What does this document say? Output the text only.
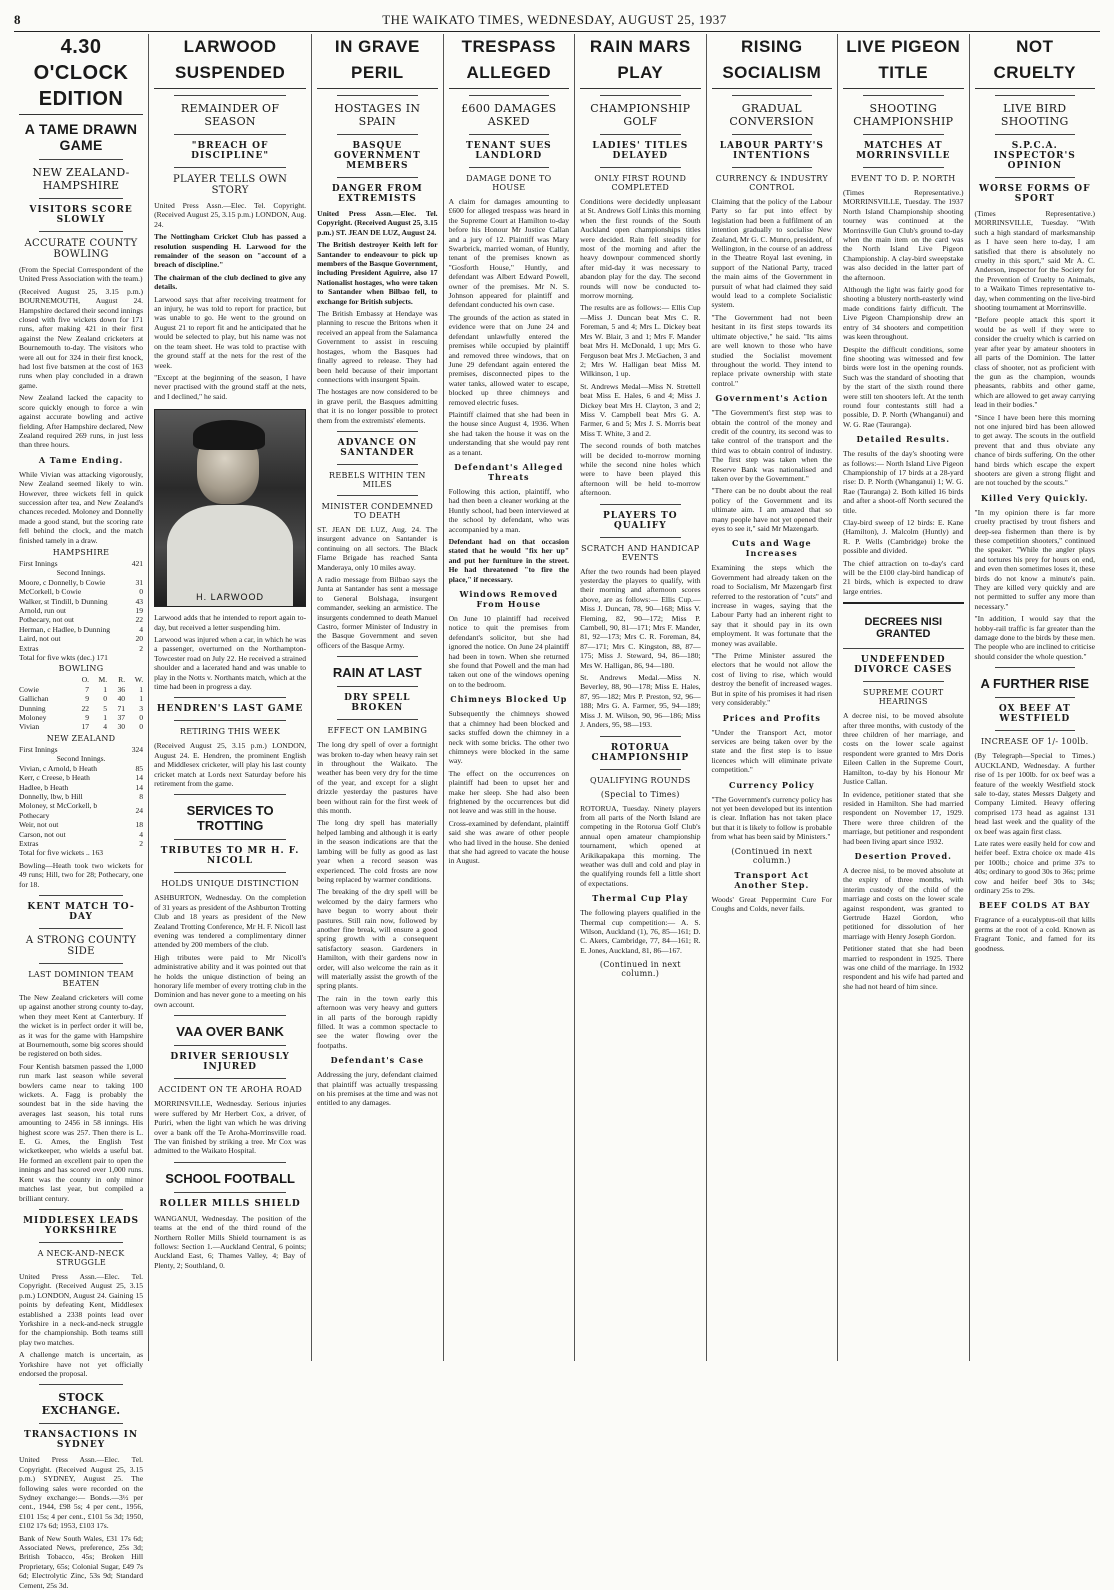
8	THE WAIKATO TIMES, WEDNESDAY, AUGUST 25, 1937
4.30 O'CLOCK EDITION
A TAME DRAWN GAME
NEW ZEALAND-HAMPSHIRE
VISITORS SCORE SLOWLY
ACCURATE COUNTY BOWLING
(From the Special Correspondent of the United Press Association with the team.)
(Received August 25, 3.15 p.m.) BOURNEMOUTH, August 24. Hampshire declared their second innings closed with five wickets down for 171 runs, after making 421 in their first against the New Zealand cricketers at Bournemouth to-day. The visitors who were all out for 324 in their first knock, had lost five batsmen at the cost of 163 runs when play concluded in a drawn game.
New Zealand lacked the capacity to score quickly enough to force a win against accurate bowling and active fielding. After Hampshire declared, New Zealand required 269 runs, in just less than three hours.
A Tame Ending.
While Vivian was attacking vigorously, New Zealand seemed likely to win. However, three wickets fell in quick succession after tea, and New Zealand's chances receded. Moloney and Donnelly made a good stand, but the scoring rate fell behind the clock, and the match finished tamely in a draw.
HAMPSHIRE
First Innings	421
Second Innings.	
Moore, c Donnelly, b Cowie	31
McCorkell, b Cowie	0
Walker, st Tindill, b Dunning	43
Arnold, run out	19
Pothecary, not out	22
Herman, c Hadlee, b Dunning	4
Laird, not out	20
Extras	2
Total for five wkts (dec.) 171	
BOWLING
	O.	M.	R.	W.
Cowie	7	1	36	1
Gallichan	9	0	40	1
Dunning	22	5	71	3
Moloney	9	1	37	0
Vivian	17	4	30	0
NEW ZEALAND
First Innings	324
Second Innings.	
Vivian, c Arnold, b Heath	85
Kerr, c Creese, b Heath	14
Hadlee, b Heath	14
Donnelly, lbw, b Hill	8
Moloney, st McCorkell, b Pothecary	24
Weir, not out	18
Carson, not out	4
Extras	2
Total for five wickets .. 163	
Bowling—Heath took two wickets for 49 runs; Hill, two for 28; Pothecary, one for 18.
KENT MATCH TO-DAY
A STRONG COUNTY SIDE
LAST DOMINION TEAM BEATEN
The New Zealand cricketers will come up against another strong county to-day, when they meet Kent at Canterbury. If the wicket is in perfect order it will be, as it was for the game with Hampshire at Bournemouth, some big scores should be registered on both sides.
Four Kentish batsmen passed the 1,000 run mark last season while several bowlers came near to taking 100 wickets. A. Fagg is probably the soundest bat in the side having the averages last season, his total runs amounting to 2456 in 58 innings. His highest score was 257. Then there is L. E. G. Ames, the English Test wicketkeeper, who wields a useful bat. He formed an excellent pair to open the innings and has scored over 1,000 runs. Kent was the county in only minor matches last year, but compiled a brilliant century.
MIDDLESEX LEADS YORKSHIRE
A NECK-AND-NECK STRUGGLE
United Press Assn.—Elec. Tel. Copyright. (Received August 25, 3.15 p.m.) LONDON, August 24. Gaining 15 points by defeating Kent, Middlesex established a 2338 points lead over Yorkshire in a neck-and-neck struggle for the championship. Both teams still play two matches.
A challenge match is uncertain, as Yorkshire have not yet officially endorsed the proposal.
STOCK EXCHANGE.
TRANSACTIONS IN SYDNEY
United Press Assn.—Elec. Tel. Copyright. (Received August 25, 3.15 p.m.) SYDNEY, August 25. The following sales were recorded on the Sydney exchange:— Bonds.—3½ per cent., 1944, £98 5s; 4 per cent., 1956, £101 15s; 4 per cent., £101 5s 3d; 1950, £102 17s 6d; 1953, £103 17s.
Bank of New South Wales, £31 17s 6d; Associated News, preference, 25s 3d; British Tobacco, 45s; Broken Hill Proprietary, 65s; Colonial Sugar, £49 7s 6d; Electrolytic Zinc, 53s 9d; Standard Cement, 25s 3d.
LARWOOD SUSPENDED
REMAINDER OF SEASON
"BREACH OF DISCIPLINE"
PLAYER TELLS OWN STORY
United Press Assn.—Elec. Tel. Copyright. (Received August 25, 3.15 p.m.) LONDON, Aug. 24.
The Nottingham Cricket Club has passed a resolution suspending H. Larwood for the remainder of the season on "account of a breach of discipline."
The chairman of the club declined to give any details.
Larwood says that after receiving treatment for an injury, he was told to report for practice, but was unable to go. He went to the ground on August 21 to report fit and he anticipated that he would be selected to play, but his name was not on the team sheet. He was told to practise with the ground staff at the nets for the rest of the week.
"Except at the beginning of the season, I have never practised with the ground staff at the nets, and I declined," he said.
H. LARWOOD
Larwood adds that he intended to report again to-day, but received a letter suspending him.
Larwood was injured when a car, in which he was a passenger, overturned on the Northampton-Towcester road on July 22. He received a strained shoulder and a lacerated hand and was unable to play in the Notts v. Northants match, which at the time had been in progress a day.
HENDREN'S LAST GAME
RETIRING THIS WEEK
(Received August 25, 3.15 p.m.) LONDON, August 24. E. Hendren, the prominent English and Middlesex cricketer, will play his last county cricket match at Lords next Saturday before his retirement from the game.
SERVICES TO TROTTING
TRIBUTES TO MR H. F. NICOLL
HOLDS UNIQUE DISTINCTION
ASHBURTON, Wednesday. On the completion of 31 years as president of the Ashburton Trotting Club and 18 years as president of the New Zealand Trotting Conference, Mr H. F. Nicoll last evening was tendered a complimentary dinner attended by 200 members of the club.
High tributes were paid to Mr Nicoll's administrative ability and it was pointed out that he holds the unique distinction of being an honorary life member of every trotting club in the Dominion and has never gone to a meeting on his own account.
VAA OVER BANK
DRIVER SERIOUSLY INJURED
ACCIDENT ON TE AROHA ROAD
MORRINSVILLE, Wednesday. Serious injuries were suffered by Mr Herbert Cox, a driver, of Puriri, when the light van which he was driving over a bank off the Te Aroha-Morrinsville road. The van finished by striking a tree. Mr Cox was admitted to the Waikato Hospital.
SCHOOL FOOTBALL
ROLLER MILLS SHIELD
WANGANUI, Wednesday. The position of the teams at the end of the third round of the Northern Roller Mills Shield tournament is as follows: Section 1.—Auckland Central, 6 points; Auckland East, 6; Thames Valley, 4; Bay of Plenty, 2; Southland, 0.
IN GRAVE PERIL
HOSTAGES IN SPAIN
BASQUE GOVERNMENT MEMBERS
DANGER FROM EXTREMISTS
United Press Assn.—Elec. Tel. Copyright. (Received August 25, 3.15 p.m.) ST. JEAN DE LUZ, August 24.
The British destroyer Keith left for Santander to endeavour to pick up members of the Basque Government, including President Aguirre, also 17 Nationalist hostages, who were taken to Santander when Bilbao fell, to exchange for British subjects.
The British Embassy at Hendaye was planning to rescue the Britons when it received an appeal from the Salamanca Government to assist in rescuing hostages, whom the Basques had finally agreed to release. They had been held because of their important connections with insurgent Spain.
The hostages are now considered to be in grave peril, the Basques admitting that it is no longer possible to protect them from the extremists' elements.
ADVANCE ON SANTANDER
REBELS WITHIN TEN MILES
MINISTER CONDEMNED TO DEATH
ST. JEAN DE LUZ, Aug. 24. The insurgent advance on Santander is continuing on all sectors. The Black Flame Brigade has reached Santa Manderaya, only 10 miles away.
A radio message from Bilbao says the Junta at Santander has sent a message to General Bolshaga, insurgent commander, seeking an armistice. The insurgents condemned to death Manuel Castro, former Minister of Industry in the Basque Government and seven officers of the Basque Army.
RAIN AT LAST
DRY SPELL BROKEN
EFFECT ON LAMBING
The long dry spell of over a fortnight was broken to-day when heavy rain set in throughout the Waikato. The weather has been very dry for the time of the year, and except for a slight drizzle yesterday the pastures have been without rain for the first week of this month.
The long dry spell has materially helped lambing and although it is early in the season indications are that the lambing will be fully as good as last year when a record season was experienced. The cold frosts are now being replaced by warmer conditions.
The breaking of the dry spell will be welcomed by the dairy farmers who have begun to worry about their pastures. Still rain now, followed by another fine break, will ensure a good spring growth with a consequent satisfactory season. Gardeners in Hamilton, with their gardens now in order, will also welcome the rain as it will materially assist the growth of the spring plants.
The rain in the town early this afternoon was very heavy and gutters in all parts of the borough rapidly filled. It was a common spectacle to see the water flowing over the footpaths.
Defendant's Case
Addressing the jury, defendant claimed that plaintiff was actually trespassing on his premises at the time and was not entitled to any damages.
TRESPASS ALLEGED
£600 DAMAGES ASKED
TENANT SUES LANDLORD
DAMAGE DONE TO HOUSE
A claim for damages amounting to £600 for alleged trespass was heard in the Supreme Court at Hamilton to-day before his Honour Mr Justice Callan and a jury of 12. Plaintiff was Mary Swarbrick, married woman, of Huntly, tenant of the premises known as "Gosforth House," Huntly, and defendant was Albert Edward Powell, owner of the premises. Mr N. S. Johnson appeared for plaintiff and defendant conducted his own case.
The grounds of the action as stated in evidence were that on June 24 and defendant unlawfully entered the premises while occupied by plaintiff and removed three windows, that on June 29 defendant again entered the premises, disconnected pipes to the water tanks, allowed water to escape, blocked up three chimneys and removed electric fuses.
Plaintiff claimed that she had been in the house since August 4, 1936. When she had taken the house it was on the understanding that she would pay rent as a tenant.
Defendant's Alleged Threats
Following this action, plaintiff, who had then been a cleaner working at the Huntly school, had been interviewed at the school by defendant, who was accompanied by a man.
Defendant had on that occasion stated that he would "fix her up" and put her furniture in the street. He had threatened "to fire the place," if necessary.
Windows Removed From House
On June 10 plaintiff had received notice to quit the premises from defendant's solicitor, but she had ignored the notice. On June 24 plaintiff had been in town. When she returned she found that Powell and the man had taken out one of the windows opening on to the bedroom.
Chimneys Blocked Up
Subsequently the chimneys showed that a chimney had been blocked and sacks stuffed down the chimney in a neck with some bricks. The other two chimneys were blocked in the same way.
The effect on the occurrences on plaintiff had been to upset her and make her sleep. She had also been frightened by the occurrences but did not leave and was still in the house.
Cross-examined by defendant, plaintiff said she was aware of other people who had lived in the house. She denied that she had agreed to vacate the house in August.
RAIN MARS PLAY
CHAMPIONSHIP GOLF
LADIES' TITLES DELAYED
ONLY FIRST ROUND COMPLETED
Conditions were decidedly unpleasant at St. Andrews Golf Links this morning when the first rounds of the South Auckland open championships titles were decided. Rain fell steadily for most of the morning and after the heavy downpour commenced shortly after mid-day it was necessary to abandon play for the day. The second rounds will now be conducted to-morrow morning.
The results are as follows:— Ellis Cup—Miss J. Duncan beat Mrs C. R. Foreman, 5 and 4; Mrs L. Dickey beat Mrs W. Blair, 3 and 1; Mrs F. Mander beat Mrs H. McDonald, 1 up; Mrs G. Ferguson beat Mrs J. McGachen, 3 and 2; Mrs W. Halligan beat Miss M. Wilkinson, 1 up.
St. Andrews Medal—Miss N. Strettell beat Miss E. Hales, 6 and 4; Miss J. Dickey beat Mrs H. Clayton, 3 and 2; Miss V. Campbell beat Mrs G. A. Farmer, 6 and 5; Mrs J. S. Morris beat Miss T. White, 3 and 2.
The second rounds of both matches will be decided to-morrow morning while the second nine holes which were to have been played this afternoon will be held to-morrow afternoon.
PLAYERS TO QUALIFY
SCRATCH AND HANDICAP EVENTS
After the two rounds had been played yesterday the players to qualify, with their morning and afternoon scores above, are as follows:— Ellis Cup.—Miss J. Duncan, 78, 90—168; Miss V. Fleming, 82, 90—172; Miss P. Cambell, 90, 81—171; Mrs F. Mander, 81, 92—173; Mrs C. R. Foreman, 84, 87—171; Mrs C. Kingston, 88, 87—175; Miss J. Steward, 94, 86—180; Mrs W. Halligan, 86, 94—180.
St. Andrews Medal.—Miss N. Beverley, 88, 90—178; Miss E. Hales, 87, 95—182; Mrs P. Preston, 92, 96—188; Mrs G. A. Farmer, 95, 94—189; Miss J. M. Wilson, 90, 96—186; Miss J. Anders, 95, 98—193.
ROTORUA CHAMPIONSHIP
QUALIFYING ROUNDS
(Special to Times)
ROTORUA, Tuesday. Ninety players from all parts of the North Island are competing in the Rotorua Golf Club's annual open amateur championship tournament, which opened at Arikikapakapa this morning. The weather was dull and cold and play in the qualifying rounds fell a little short of expectations.
Thermal Cup Play
The following players qualified in the Thermal cup competition:— A. S. Wilson, Auckland (1), 76, 85—161; D. C. Akers, Cambridge, 77, 84—161; R. E. Jones, Auckland, 81, 86—167.
(Continued in next column.)
RISING SOCIALISM
GRADUAL CONVERSION
LABOUR PARTY'S INTENTIONS
CURRENCY & INDUSTRY CONTROL
Claiming that the policy of the Labour Party so far put into effect by legislation had been a fulfilment of an intention gradually to socialise New Zealand, Mr G. C. Munro, president, of Wellington, in the course of an address in the Theatre Royal last evening, in support of the National Party, traced the main aims of the Government in pursuit of what had claimed they said would lead to a complete Socialistic system.
"The Government had not been hesitant in its first steps towards its ultimate objective," he said. "Its aims are well known to those who have studied the Socialist movement throughout the world. They intend to replace private ownership with state control."
Government's Action
"The Government's first step was to obtain the control of the money and credit of the country, its second was to take control of the transport and the third was to obtain control of industry. The first step was taken when the Reserve Bank was nationalised and taken over by the Government."
"There can be no doubt about the real policy of the Government and its ultimate aim. I am amazed that so many people have not yet opened their eyes to see it," said Mr Mazengarb.
Cuts and Wage Increases
Examining the steps which the Government had already taken on the road to Socialism, Mr Mazengarb first referred to the restoration of "cuts" and increase in wages, saying that the Labour Party had an inherent right to say that it should pay in its own employment. It was fortunate that the money was available.
"The Prime Minister assured the electors that he would not allow the cost of living to rise, which would destroy the benefit of increased wages. But in spite of his promises it had risen very considerably."
Prices and Profits
"Under the Transport Act, motor services are being taken over by the state and the first step is to issue licences which will eliminate private competition."
Currency Policy
"The Government's currency policy has not yet been developed but its intention is clear. Inflation has not taken place but that it is likely to follow is probable from what has been said by Ministers."
(Continued in next column.)
Transport Act Another Step.
Woods' Great Peppermint Cure For Coughs and Colds, never fails.
LIVE PIGEON TITLE
SHOOTING CHAMPIONSHIP
MATCHES AT MORRINSVILLE
EVENT TO D. P. NORTH
(Times Representative.) MORRINSVILLE, Tuesday. The 1937 North Island Championship shooting tourney was continued at the Morrinsville Gun Club's ground to-day when the main item on the card was the North Island Live Pigeon Championship. A clay-bird sweepstake was also decided in the latter part of the afternoon.
Although the light was fairly good for shooting a blustery north-easterly wind made conditions fairly difficult. The Live Pigeon Championship drew an entry of 34 shooters and competition was keen throughout.
Despite the difficult conditions, some fine shooting was witnessed and few birds were lost in the opening rounds. Such was the standard of shooting that by the start of the sixth round there were still ten shooters left. At the tenth round four contestants still had a possible, D. P. North (Whanganui) and W. G. Rae (Tauranga).
Detailed Results.
The results of the day's shooting were as follows:— North Island Live Pigeon Championship of 17 birds at a 28-yard rise: D. P. North (Whanganui) 1; W. G. Rae (Tauranga) 2. Both killed 16 birds and after a shoot-off North secured the title.
Clay-bird sweep of 12 birds: E. Kane (Hamilton), J. Malcolm (Huntly) and R. P. Wells (Cambridge) broke the possible and divided.
The chief attraction on to-day's card will be the £100 clay-bird handicap of 21 birds, which is expected to draw large entries.
DECREES NISI GRANTED
UNDEFENDED DIVORCE CASES
SUPREME COURT HEARINGS
A decree nisi, to be moved absolute after three months, with custody of the three children of her marriage, and costs on the lower scale against respondent were granted to Mrs Doris Eileen Callen in the Supreme Court, Hamilton, to-day by his Honour Mr Justice Callan.
In evidence, petitioner stated that she resided in Hamilton. She had married respondent on November 17, 1929. There were three children of the marriage, but petitioner and respondent had been living apart since 1932.
Desertion Proved.
A decree nisi, to be moved absolute at the expiry of three months, with interim custody of the child of the marriage and costs on the lower scale against respondent, was granted to Gertrude Hazel Gordon, who petitioned for dissolution of her marriage with Henry Joseph Gordon.
Petitioner stated that she had been married to respondent in 1925. There was one child of the marriage. In 1932 respondent and his wife had parted and she had not heard of him since.
NOT CRUELTY
LIVE BIRD SHOOTING
S.P.C.A. INSPECTOR'S OPINION
WORSE FORMS OF SPORT
(Times Representative.) MORRINSVILLE, Tuesday. "With such a high standard of marksmanship as I have seen here to-day, I am satisfied that there is absolutely no cruelty in this sport," said Mr A. C. Anderson, inspector for the Society for the Prevention of Cruelty to Animals, to a Waikato Times representative to-day, when commenting on the live-bird shooting tournament at Morrinsville.
"Before people attack this sport it would be as well if they were to consider the cruelty which is carried on year after year by amateur shooters in all parts of the Dominion. The latter class of shooter, not as proficient with the gun as the champion, wounds pheasants, rabbits and other game, which are allowed to get away carrying lead in their bodies."
"Since I have been here this morning not one injured bird has been allowed to get away. The scouts in the outfield prevent that and thus obviate any chance of birds suffering. On the other hand birds which escape the expert shooters are given a strong flight and are not touched by the scouts."
Killed Very Quickly.
"In my opinion there is far more cruelty practised by trout fishers and deep-sea fishermen than there is by these competition shooters," continued the speaker. "While the angler plays and tortures his prey for hours on end, and even then sometimes loses it, these birds do not know a minute's pain. They are killed very quickly and are not permitted to suffer any more than necessary."
"In addition, I would say that the hobby-rail traffic is far greater than the damage done to the birds by these men. The people who are inclined to criticise should consider the whole question."
A FURTHER RISE
OX BEEF AT WESTFIELD
INCREASE OF 1/- 100lb.
(By Telegraph—Special to Times.) AUCKLAND, Wednesday. A further rise of 1s per 100lb. for ox beef was a feature of the weekly Westfield stock sale to-day, states Messrs Dalgety and Company Limited. Heavy offering comprised 173 head as against 131 head last week and the quality of the ox beef was again first class.
Late rates were easily held for cow and heifer beef. Extra choice ox made 41s per 100lb.; choice and prime 37s to 40s; ordinary to good 30s to 36s; prime cow and heifer beef 30s to 34s; ordinary 25s to 29s.
BEEF COLDS AT BAY
Fragrance of a eucalyptus-oil that kills germs at the root of a cold. Known as Fragrant Tonic, and famed for its goodness.
